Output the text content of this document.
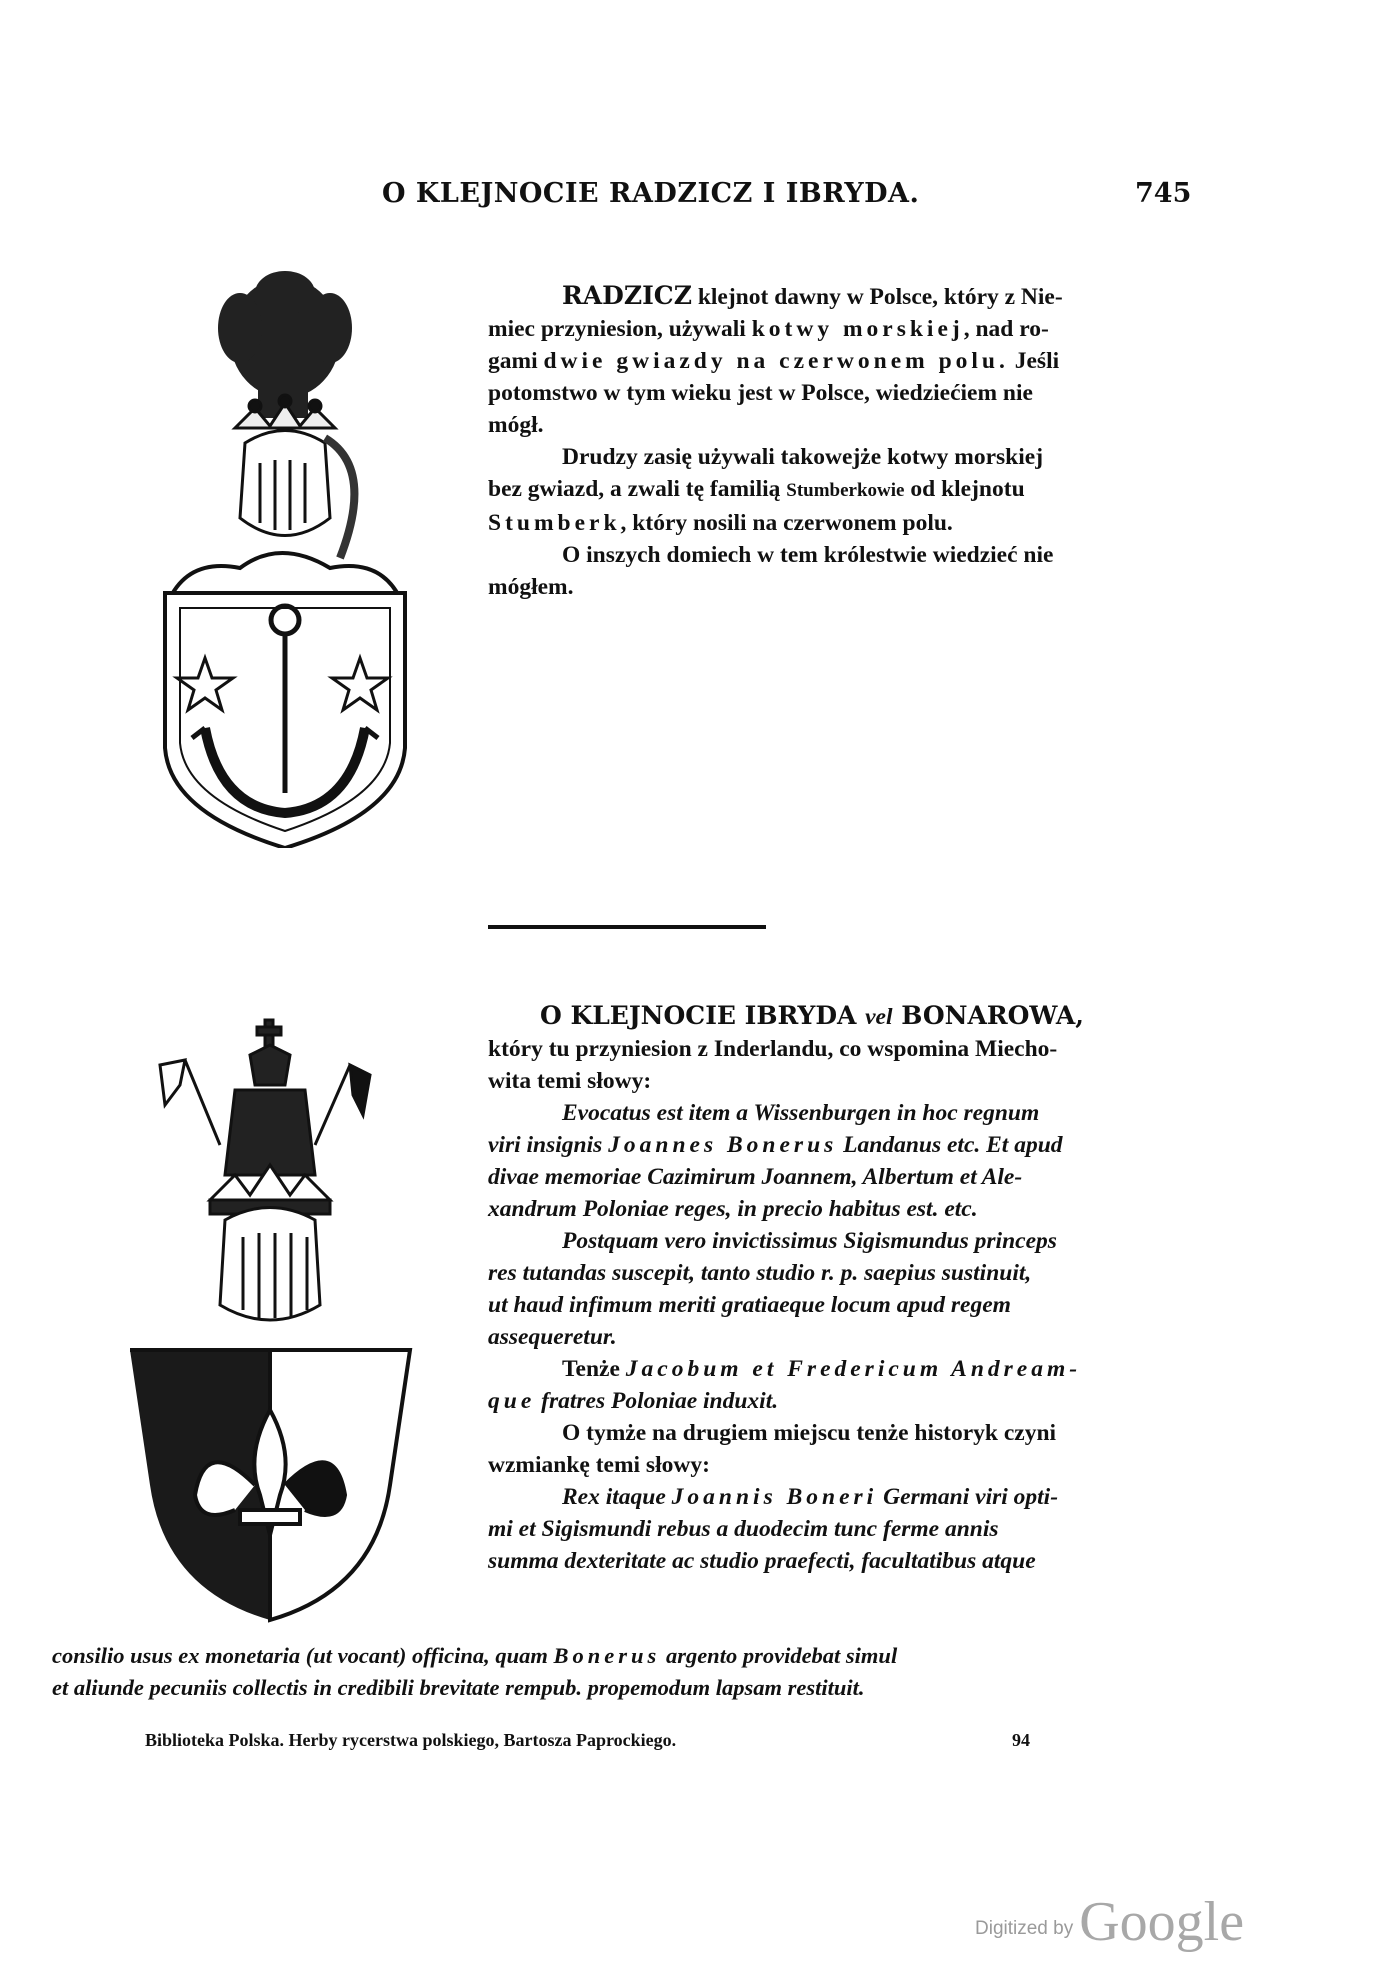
O KLEJNOCIE RADZICZ I IBRYDA.	745

RADZICZ klejnot dawny w Polsce, który z Nie-
miec przyniesion, używali kotwy morskiej, nad ro-
gami dwie gwiazdy na czerwonem polu. Jeśli
potomstwo w tym wieku jest w Polsce, wiedziećiem nie
mógł.

Drudzy zasię używali takowejże kotwy morskiej
bez gwiazd, a zwali tę familią Stumberkowie od klejnotu
Stumberk, który nosili na czerwonem polu.

O inszych domiech w tem królestwie wiedzieć nie
mógłem.

O KLEJNOCIE IBRYDA vel BONAROWA,
który tu przyniesion z Inderlandu, co wspomina Miecho-
wita temi słowy:

Evocatus est item a Wissenburgen in hoc regnum
viri insignis Joannes Bonerus Landanus etc. Et apud
divae memoriae Cazimirum Joannem, Albertum et Ale-
xandrum Poloniae reges, in precio habitus est. etc.

Postquam vero invictissimus Sigismundus princeps
res tutandas suscepit, tanto studio r. p. saepius sustinuit,
ut haud infimum meriti gratiaeque locum apud regem
assequeretur.

Tenże Jacobum et Fredericum Andream-
que fratres Poloniae induxit.

O tymże na drugiem miejscu tenże historyk czyni
wzmiankę temi słowy:

Rex itaque Joannis Boneri Germani viri opti-
mi et Sigismundi rebus a duodecim tunc ferme annis
summa dexteritate ac studio praefecti, facultatibus atque

consilio usus ex monetaria (ut vocant) officina, quam Bonerus argento providebat simul
et aliunde pecuniis collectis in credibili brevitate rempub. propemodum lapsam restituit.

Biblioteka Polska. Herby rycerstwa polskiego, Bartosza Paprockiego.	94
Digitized by Google
